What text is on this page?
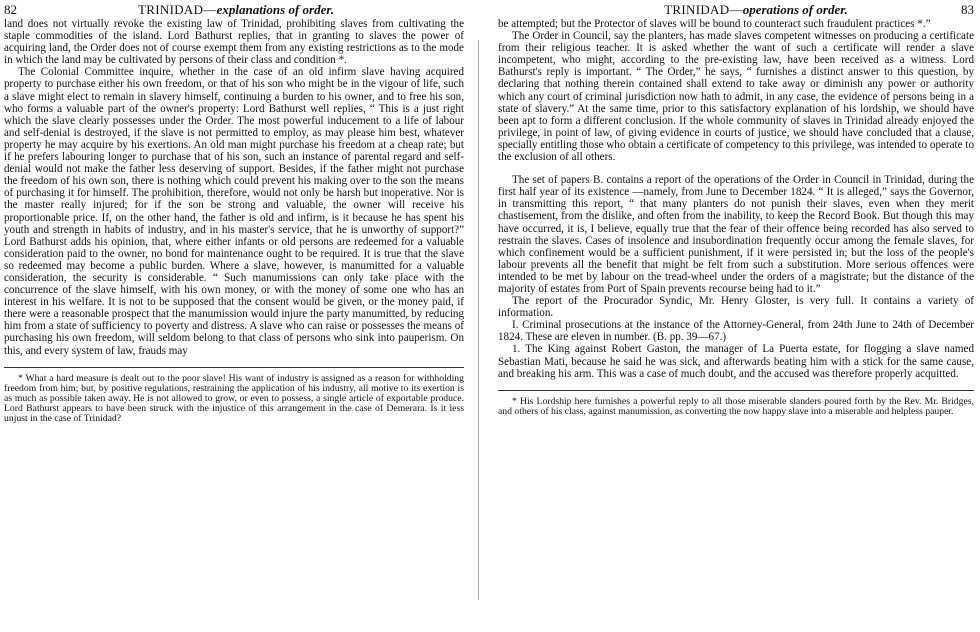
82	TRINIDAD—explanations of order.

land does not virtually revoke the existing law of Trinidad, prohibiting slaves from cultivating the staple commodities of the island. Lord Bathurst replies, that in granting to slaves the power of acquiring land, the Order does not of course exempt them from any existing restrictions as to the mode in which the land may be cultivated by persons of their class and condition *.

The Colonial Committee inquire, whether in the case of an old infirm slave having acquired property to purchase either his own freedom, or that of his son who might be in the vigour of life, such a slave might elect to remain in slavery himself, continuing a burden to his owner, and to free his son, who forms a valuable part of the owner's property: Lord Bathurst well replies, “ This is a just right which the slave clearly possesses under the Order. The most powerful inducement to a life of labour and self-denial is destroyed, if the slave is not permitted to employ, as may please him best, whatever property he may acquire by his exertions. An old man might purchase his freedom at a cheap rate; but if he prefers labouring longer to purchase that of his son, such an instance of parental regard and self-denial would not make the father less deserving of support. Besides, if the father might not purchase the freedom of his own son, there is nothing which could prevent his making over to the son the means of purchasing it for himself. The prohibition, therefore, would not only be harsh but inoperative. Nor is the master really injured; for if the son be strong and valuable, the owner will receive his proportionable price. If, on the other hand, the father is old and infirm, is it because he has spent his youth and strength in habits of industry, and in his master's service, that he is unworthy of support?” Lord Bathurst adds his opinion, that, where either infants or old persons are redeemed for a valuable consideration paid to the owner, no bond for maintenance ought to be required. It is true that the slave so redeemed may become a public burden. Where a slave, however, is manumitted for a valuable consideration, the security is considerable. “ Such manumissions can only take place with the concurrence of the slave himself, with his own money, or with the money of some one who has an interest in his welfare. It is not to be supposed that the consent would be given, or the money paid, if there were a reasonable prospect that the manumission would injure the party manumitted, by reducing him from a state of sufficiency to poverty and distress. A slave who can raise or possesses the means of purchasing his own freedom, will seldom belong to that class of persons who sink into pauperism. On this, and every system of law, frauds may

* What a hard measure is dealt out to the poor slave! His want of industry is assigned as a reason for withholding freedom from him; but, by positive regulations, restraining the application of his industry, all motive to its exertion is as much as possible taken away. He is not allowed to grow, or even to possess, a single article of exportable produce. Lord Bathurst appears to have been struck with the injustice of this arrangement in the case of Demerara. Is it less unjust in the case of Trinidad?

TRINIDAD—operations of order.	83

be attempted; but the Protector of slaves will be bound to counteract such fraudulent practices *.”

The Order in Council, say the planters, has made slaves competent witnesses on producing a certificate from their religious teacher. It is asked whether the want of such a certificate will render a slave incompetent, who might, according to the pre-existing law, have been received as a witness. Lord Bathurst's reply is important. “ The Order,” he says, “ furnishes a distinct answer to this question, by declaring that nothing therein contained shall extend to take away or diminish any power or authority which any court of criminal jurisdiction now hath to admit, in any case, the evidence of persons being in a state of slavery.” At the same time, prior to this satisfactory explanation of his lordship, we should have been apt to form a different conclusion. If the whole community of slaves in Trinidad already enjoyed the privilege, in point of law, of giving evidence in courts of justice, we should have concluded that a clause, specially entitling those who obtain a certificate of competency to this privilege, was intended to operate to the exclusion of all others.

The set of papers B. contains a report of the operations of the Order in Council in Trinidad, during the first half year of its existence —namely, from June to December 1824. “ It is alleged,” says the Governor, in transmitting this report, “ that many planters do not punish their slaves, even when they merit chastisement, from the dislike, and often from the inability, to keep the Record Book. But though this may have occurred, it is, I believe, equally true that the fear of their offence being recorded has also served to restrain the slaves. Cases of insolence and insubordination frequently occur among the female slaves, for which confinement would be a sufficient punishment, if it were persisted in; but the loss of the people's labour prevents all the benefit that might be felt from such a substitution. More serious offences were intended to be met by labour on the tread-wheel under the orders of a magistrate; but the distance of the majority of estates from Port of Spain prevents recourse being had to it.”

The report of the Procurador Syndic, Mr. Henry Gloster, is very full. It contains a variety of information.

I. Criminal prosecutions at the instance of the Attorney-General, from 24th June to 24th of December 1824. These are eleven in number. (B. pp. 39—67.)

1. The King against Robert Gaston, the manager of La Puerta estate, for flogging a slave named Sebastian Mati, because he said he was sick, and afterwards beating him with a stick for the same cause, and breaking his arm. This was a case of much doubt, and the accused was therefore properly acquitted.

* His Lordship here furnishes a powerful reply to all those miserable slanders poured forth by the Rev. Mr. Bridges, and others of his class, against manumission, as converting the now happy slave into a miserable and helpless pauper.
